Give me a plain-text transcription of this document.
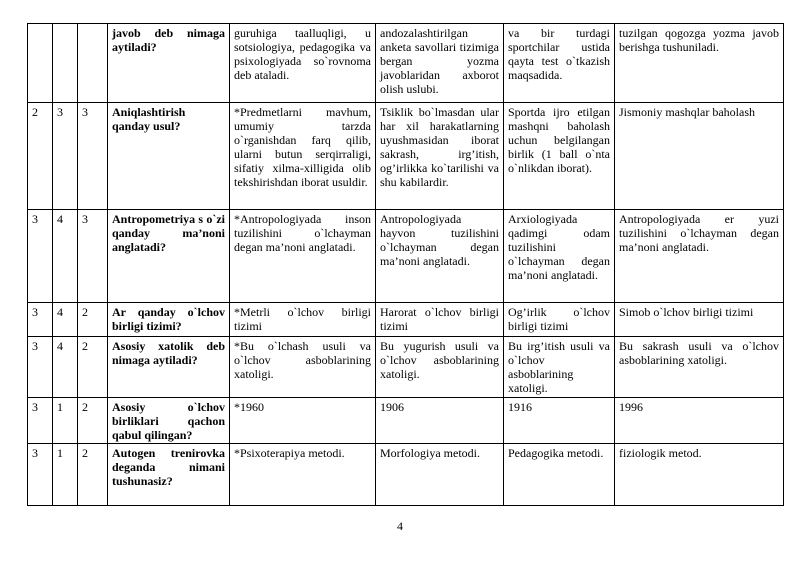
			javob deb nimaga aytiladi?	guruhiga taalluqligi, u sotsiologiya, pedagogika va psixologiyada so`rovnoma deb ataladi.	andozalashtirilgan anketa savollari tizimiga bergan yozma javoblaridan axborot olish uslubi.	va bir turdagi sportchilar ustida qayta test o`tkazish maqsadida.	tuzilgan qogozga yozma javob berishga tushuniladi.
2	3	3	Aniqlashtirish qanday usul?	*Predmetlarni mavhum, umumiy tarzda o`rganishdan farq qilib, ularni butun serqirraligi, sifatiy xilma-xilligida olib tekshirishdan iborat usuldir.	Tsiklik bo`lmasdan ular har xil harakatlarning uyushmasidan iborat sakrash, irg’itish, og’irlikka ko`tarilishi va shu kabilardir.	Sportda ijro etilgan mashqni baholash uchun belgilangan birlik (1 ball o`nta o`nlikdan iborat).	Jismoniy mashqlar baholash
3	4	3	Antropometriya s o`zi qanday ma’noni anglatadi?	*Antropologiyada inson tuzilishini o`lchayman degan ma’noni anglatadi.	Antropologiyada hayvon tuzilishini o`lchayman degan ma’noni anglatadi.	Arxiologiyada qadimgi odam tuzilishini o`lchayman degan ma’noni anglatadi.	Antropologiyada er yuzi tuzilishini o`lchayman degan ma’noni anglatadi.
3	4	2	Ar qanday o`lchov birligi tizimi?	*Metrli o`lchov birligi tizimi	Harorat o`lchov birligi tizimi	Og’irlik o`lchov birligi tizimi	Simob o`lchov birligi tizimi
3	4	2	Asosiy xatolik deb nimaga aytiladi?	*Bu o`lchash usuli va o`lchov asboblarining xatoligi.	Bu yugurish usuli va o`lchov asboblarining xatoligi.	Bu irg’itish usuli va o`lchov asboblarining xatoligi.	Bu sakrash usuli va o`lchov asboblarining xatoligi.
3	1	2	Asosiy o`lchov birliklari qachon qabul qilingan?	*1960	1906	1916	1996
3	1	2	Autogen trenirovka deganda nimani tushunasiz?	*Psixoterapiya metodi.	Morfologiya metodi.	Pedagogika metodi.	fiziologik metod.
4
